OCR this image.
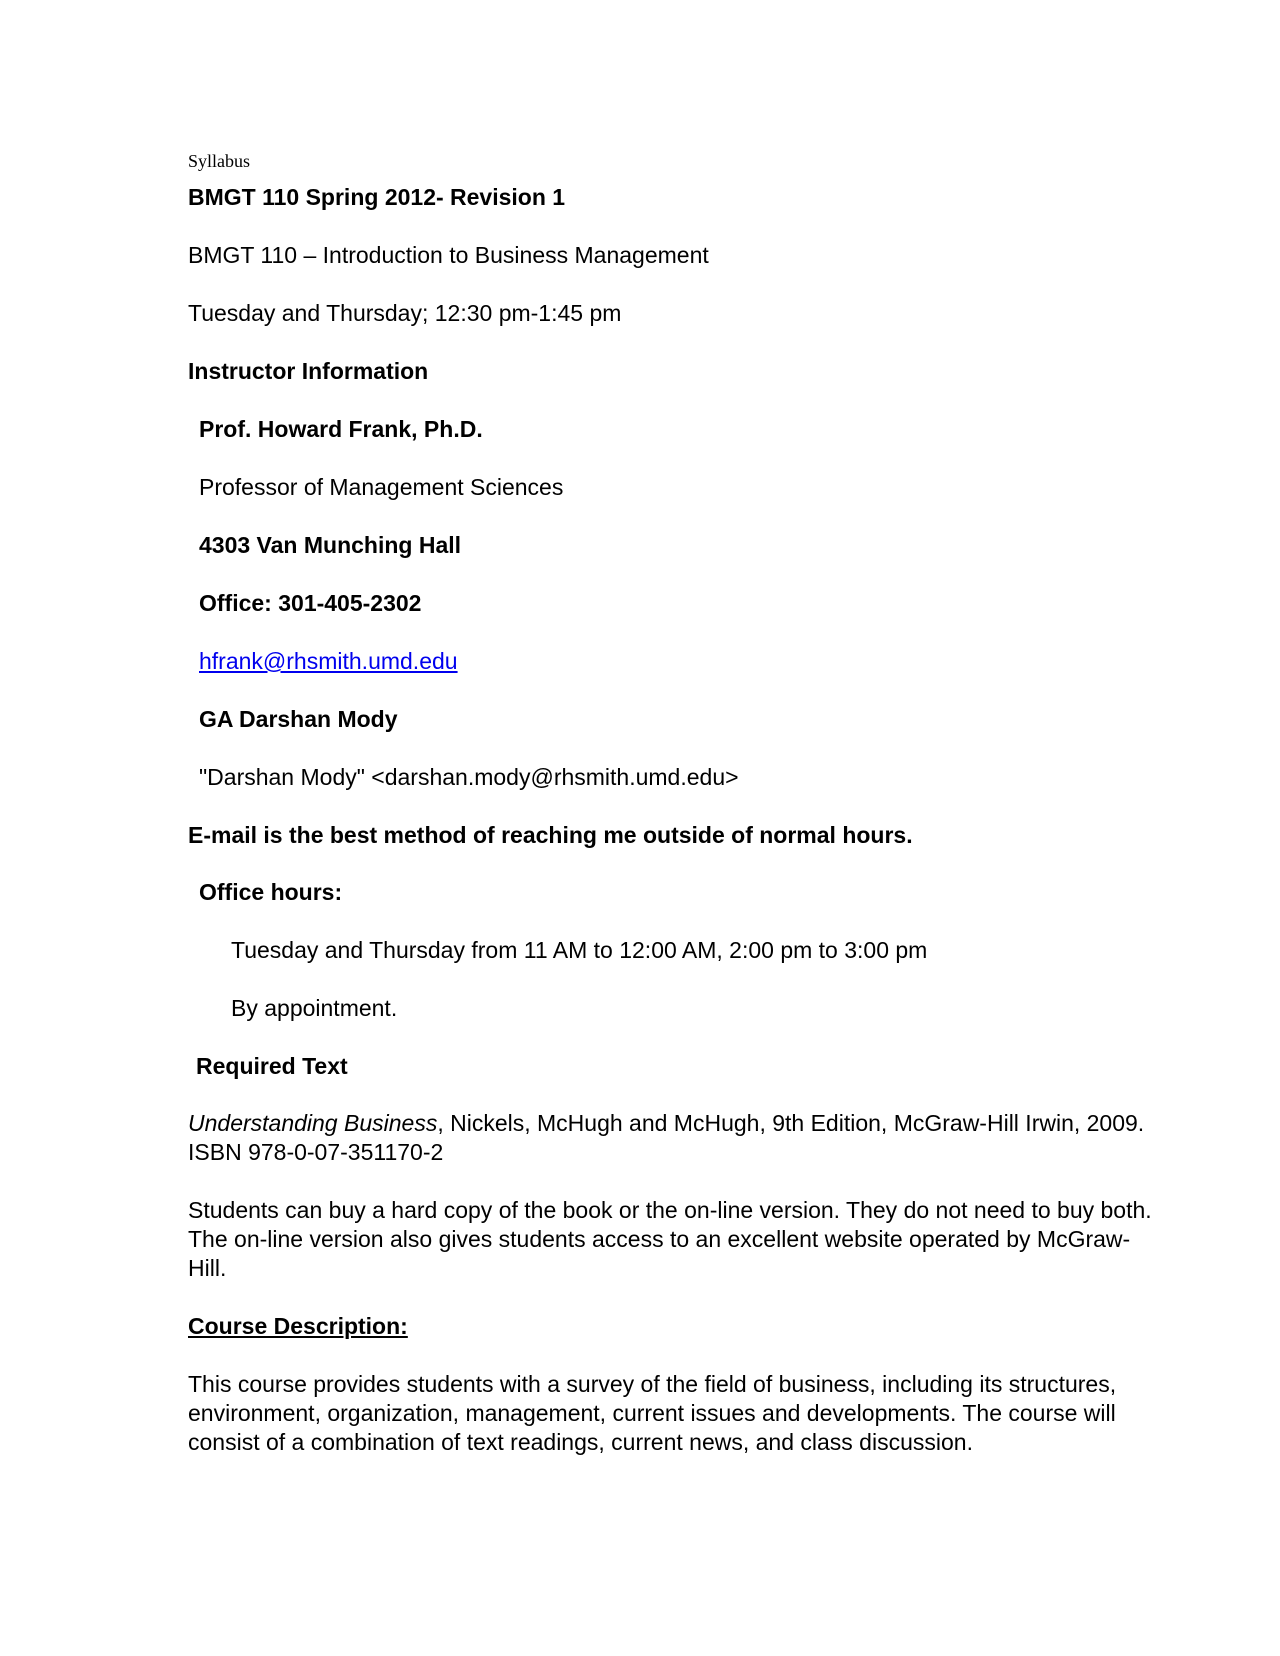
Syllabus
BMGT 110 Spring 2012- Revision 1
BMGT 110 – Introduction to Business Management
Tuesday and Thursday; 12:30 pm-1:45 pm
Instructor Information
Prof. Howard Frank, Ph.D.
Professor of Management Sciences
4303 Van Munching Hall
Office: 301-405-2302
hfrank@rhsmith.umd.edu
GA Darshan Mody
"Darshan Mody" <darshan.mody@rhsmith.umd.edu>
E-mail is the best method of reaching me outside of normal hours.
Office hours:
Tuesday and Thursday from 11 AM to 12:00 AM, 2:00 pm to 3:00 pm
By appointment.
Required Text
Understanding Business, Nickels, McHugh and McHugh, 9th Edition, McGraw-Hill Irwin, 2009.
ISBN 978-0-07-351170-2
Students can buy a hard copy of the book or the on-line version. They do not need to buy both.
The on-line version also gives students access to an excellent website operated by McGraw-
Hill.
Course Description:
This course provides students with a survey of the field of business, including its structures,
environment, organization, management, current issues and developments. The course will
consist of a combination of text readings, current news, and class discussion.
